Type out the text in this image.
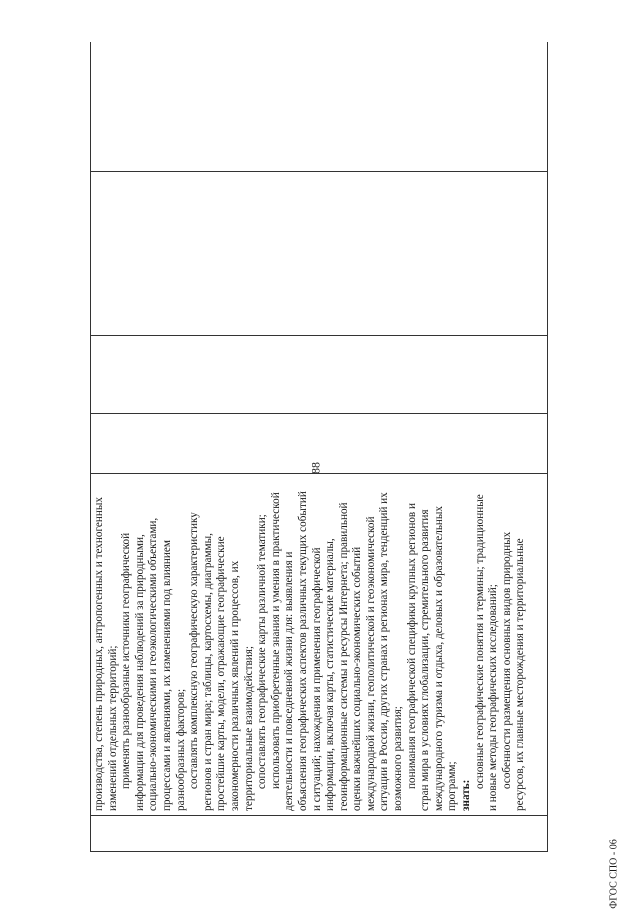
88

производства, степень природных, антропогенных и техногенных изменений отдельных территорий; применять разнообразные источники географической информации для проведения наблюдений за природными, социально-экономическими и геоэкологическими объектами, процессами и явлениями, их изменениями под влиянием разнообразных факторов; составлять комплексную географическую характеристику регионов и стран мира; таблицы, картосхемы, диаграммы, простейшие карты, модели, отражающие географические закономерности различных явлений и процессов, их территориальные взаимодействия; сопоставлять географические карты различной тематики; использовать приобретенные знания и умения в практической деятельности и повседневной жизни для: выявления и объяснения географических аспектов различных текущих событий и ситуаций; нахождения и применения географической информации, включая карты, статистические материалы, геоинформационные системы и ресурсы Интернета; правильной оценки важнейших социально-экономических событий международной жизни, геополитической и геоэкономической ситуации в России, других странах и регионах мира, тенденций их возможного развития; понимания географической специфики крупных регионов и стран мира в условиях глобализации, стремительного развития международного туризма и отдыха, деловых и образовательных программ; знать:
основные географические понятия и термины; традиционные и новые методы географических исследований; особенности размещения основных видов природных ресурсов, их главные месторождения и территориальные

ФГОС СПО - 06
